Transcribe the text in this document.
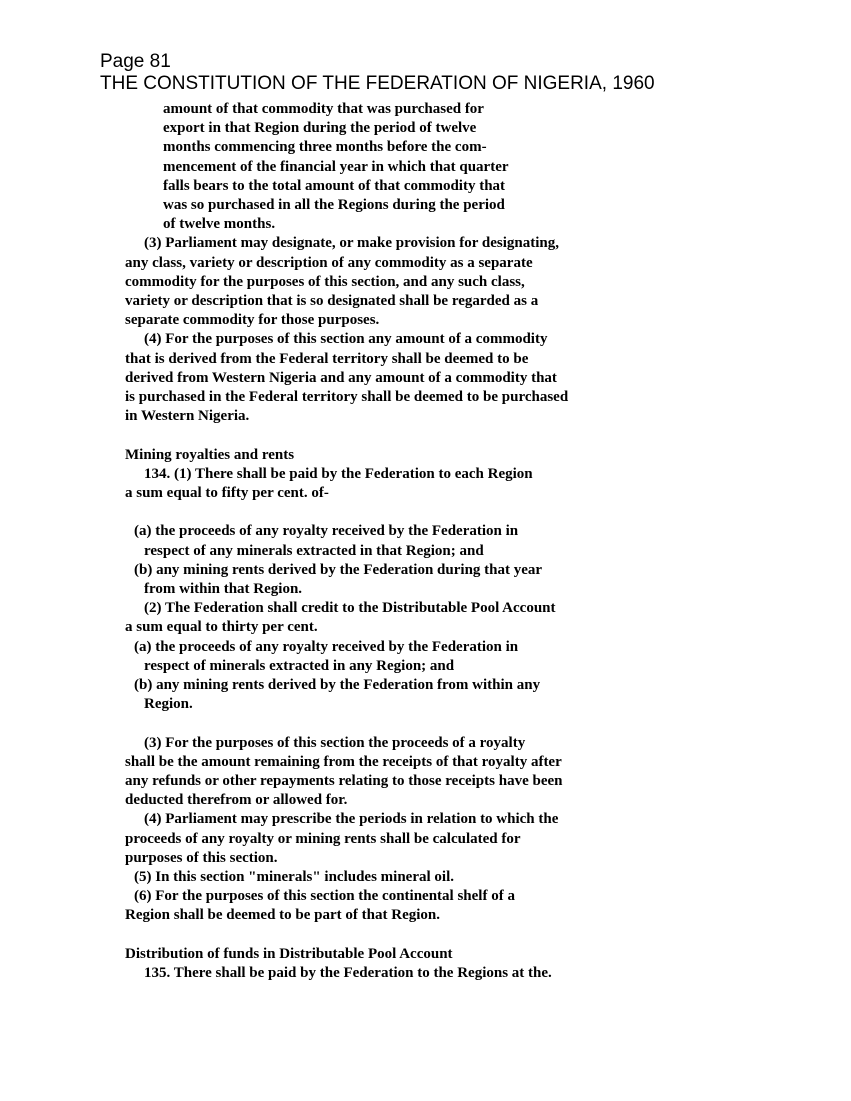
Page 81
THE CONSTITUTION OF THE FEDERATION OF NIGERIA, 1960
amount of that commodity that was purchased for
export in that Region during the period of twelve
months commencing three months before the com-
mencement of the financial year in which that quarter
falls bears to the total amount of that commodity that
was so purchased in all the Regions during the period
of twelve months.
(3) Parliament may designate, or make provision for designating,
any class, variety or description of any commodity as a separate
commodity for the purposes of this section, and any such class,
variety or description that is so designated shall be regarded as a
separate commodity for those purposes.
(4) For the purposes of this section any amount of a commodity
that is derived from the Federal territory shall be deemed to be
derived from Western Nigeria and any amount of a commodity that
is purchased in the Federal territory shall be deemed to be purchased
in Western Nigeria.
Mining royalties and rents
134. (1) There shall be paid by the Federation to each Region
a sum equal to fifty per cent. of-
(a) the proceeds of any royalty received by the Federation in
respect of any minerals extracted in that Region; and
(b) any mining rents derived by the Federation during that year
from within that Region.
(2) The Federation shall credit to the Distributable Pool Account
a sum equal to thirty per cent.
(a) the proceeds of any royalty received by the Federation in
respect of minerals extracted in any Region; and
(b) any mining rents derived by the Federation from within any
Region.
(3) For the purposes of this section the proceeds of a royalty
shall be the amount remaining from the receipts of that royalty after
any refunds or other repayments relating to those receipts have been
deducted therefrom or allowed for.
(4) Parliament may prescribe the periods in relation to which the
proceeds of any royalty or mining rents shall be calculated for
purposes of this section.
(5) In this section "minerals" includes mineral oil.
(6) For the purposes of this section the continental shelf of a
Region shall be deemed to be part of that Region.
Distribution of funds in Distributable Pool Account
135. There shall be paid by the Federation to the Regions at the.
